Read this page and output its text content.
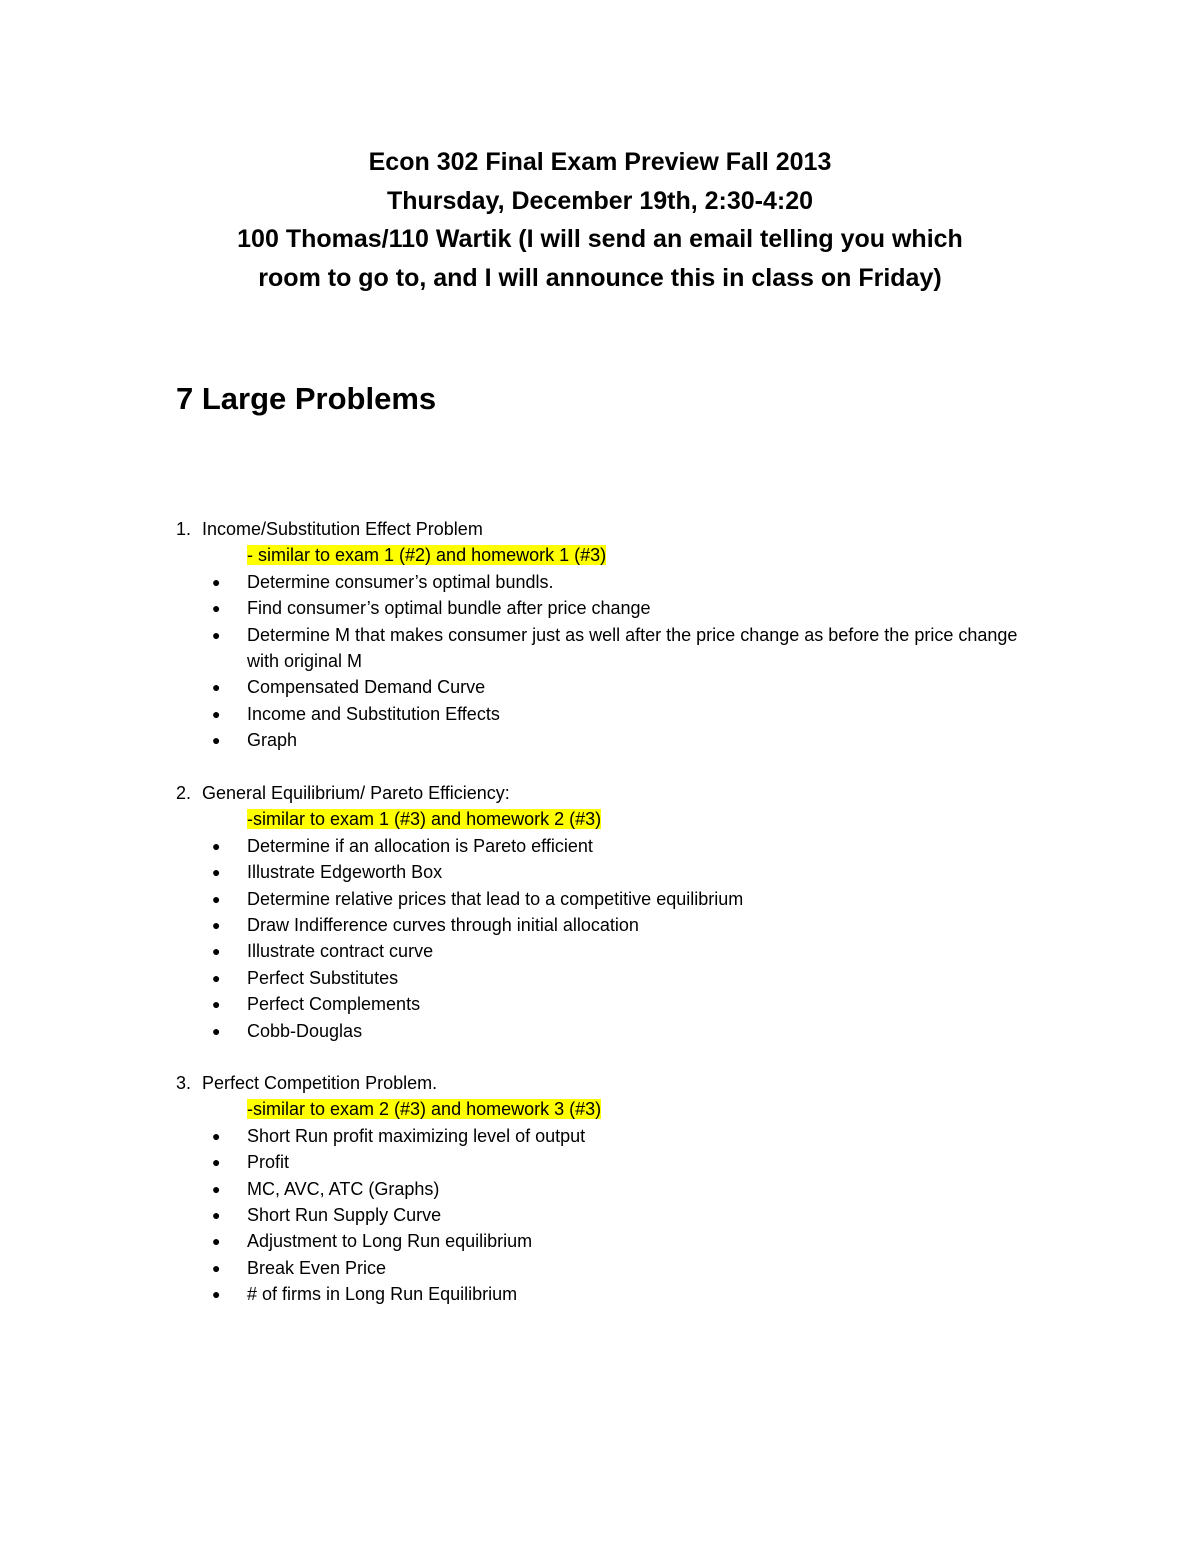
Econ 302 Final Exam Preview Fall 2013
Thursday, December 19th, 2:30-4:20
100 Thomas/110 Wartik (I will send an email telling you which
room to go to, and I will announce this in class on Friday)
7 Large Problems
1. Income/Substitution Effect Problem
- similar to exam 1 (#2) and homework 1 (#3)
● Determine consumer’s optimal bundls.
● Find consumer’s optimal bundle after price change
● Determine M that makes consumer just as well after the price change as before the price change with original M
● Compensated Demand Curve
● Income and Substitution Effects
● Graph
2. General Equilibrium/ Pareto Efficiency:
-similar to exam 1 (#3) and homework 2 (#3)
● Determine if an allocation is Pareto efficient
● Illustrate Edgeworth Box
● Determine relative prices that lead to a competitive equilibrium
● Draw Indifference curves through initial allocation
● Illustrate contract curve
● Perfect Substitutes
● Perfect Complements
● Cobb-Douglas
3. Perfect Competition Problem.
-similar to exam 2 (#3) and homework 3 (#3)
● Short Run profit maximizing level of output
● Profit
● MC, AVC, ATC (Graphs)
● Short Run Supply Curve
● Adjustment to Long Run equilibrium
● Break Even Price
● # of firms in Long Run Equilibrium
